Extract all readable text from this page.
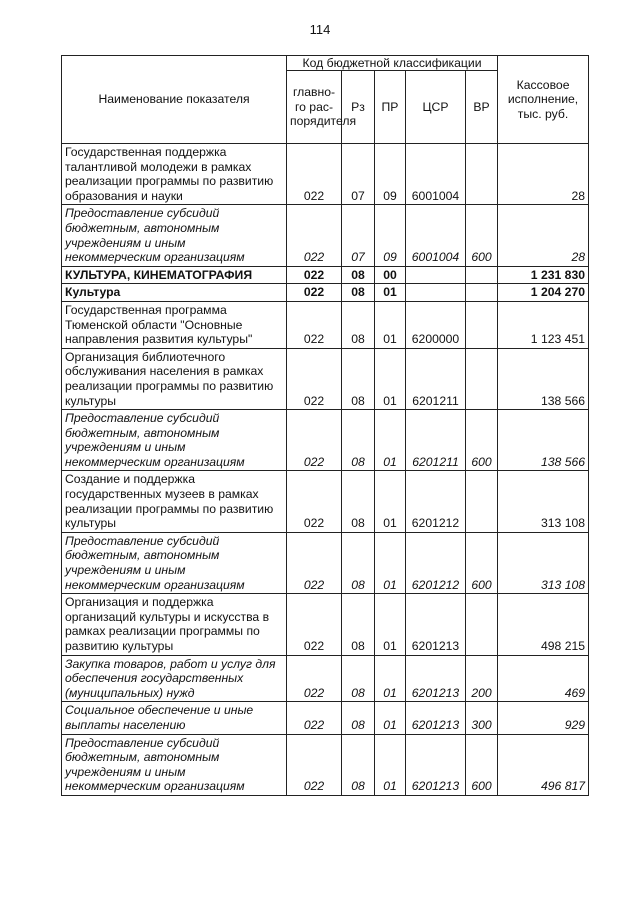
114
Наименование показателя	Код бюджетной классификации					Кассовое исполнение, тыс. руб.
	главно-го рас-порядителя	Рз	ПР	ЦСР	ВР	
Государственная поддержка талантливой молодежи в рамках реализации программы по развитию образования и науки	022	07	09	6001004		28
Предоставление субсидий бюджетным, автономным учреждениям и иным некоммерческим организациям	022	07	09	6001004	600	28
КУЛЬТУРА, КИНЕМАТОГРАФИЯ	022	08	00			1 231 830
Культура	022	08	01			1 204 270
Государственная программа Тюменской области "Основные направления развития культуры"	022	08	01	6200000		1 123 451
Организация библиотечного обслуживания населения в рамках реализации программы по развитию культуры	022	08	01	6201211		138 566
Предоставление субсидий бюджетным, автономным учреждениям и иным некоммерческим организациям	022	08	01	6201211	600	138 566
Создание и поддержка государственных музеев в рамках реализации программы по развитию культуры	022	08	01	6201212		313 108
Предоставление субсидий бюджетным, автономным учреждениям и иным некоммерческим организациям	022	08	01	6201212	600	313 108
Организация и поддержка организаций культуры и искусства в рамках реализации программы по развитию культуры	022	08	01	6201213		498 215
Закупка товаров, работ и услуг для обеспечения государственных (муниципальных) нужд	022	08	01	6201213	200	469
Социальное обеспечение и иные выплаты населению	022	08	01	6201213	300	929
Предоставление субсидий бюджетным, автономным учреждениям и иным некоммерческим организациям	022	08	01	6201213	600	496 817
